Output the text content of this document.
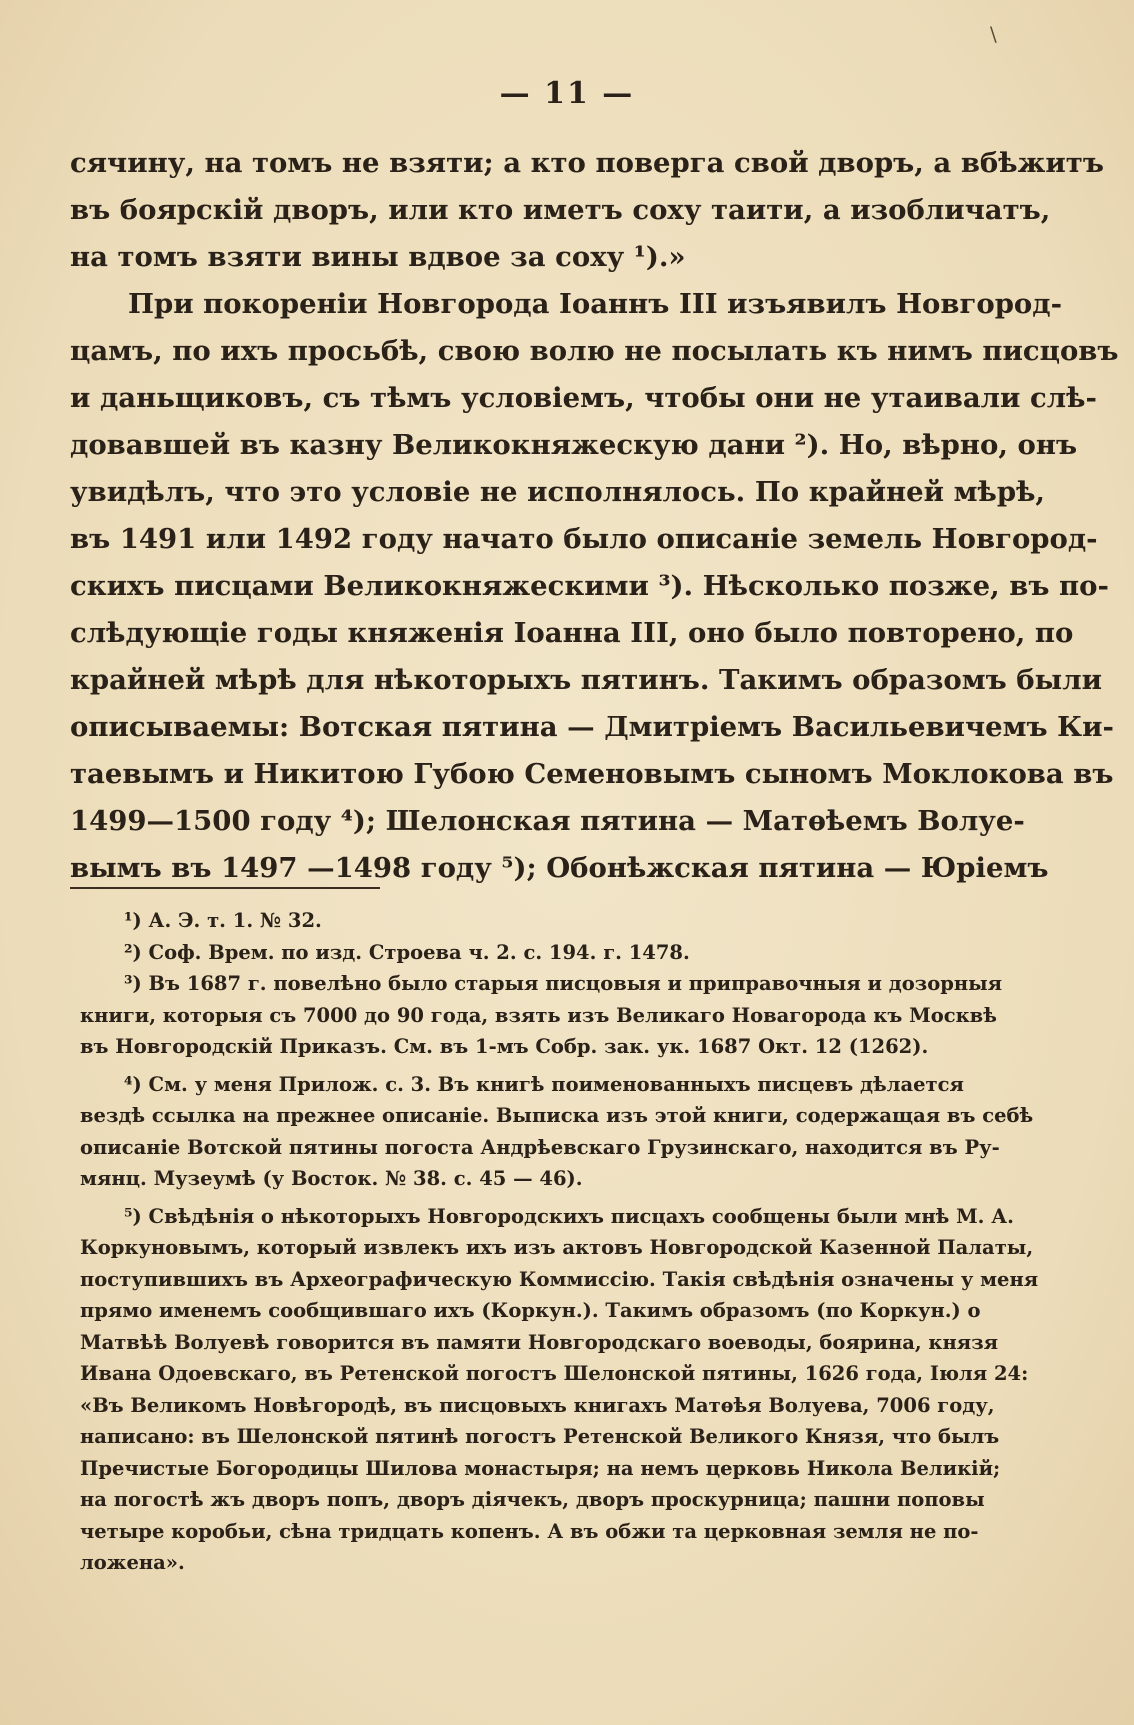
\
— 11 —
сячину, на томъ не взяти; а кто поверга свой дворъ, а вбѣжитъ
въ боярскій дворъ, или кто иметъ соху таити, а изобличатъ,
на томъ взяти вины вдвое за соху ¹).»
При покореніи Новгорода Іоаннъ III изъявилъ Новгород-
цамъ, по ихъ просьбѣ, свою волю не посылать къ нимъ писцовъ
и даньщиковъ, съ тѣмъ условіемъ, чтобы они не утаивали слѣ-
довавшей въ казну Великокняжескую дани ²). Но, вѣрно, онъ
увидѣлъ, что это условіе не исполнялось. По крайней мѣрѣ,
въ 1491 или 1492 году начато было описаніе земель Новгород-
скихъ писцами Великокняжескими ³). Нѣсколько позже, въ по-
слѣдующіе годы княженія Іоанна III, оно было повторено, по
крайней мѣрѣ для нѣкоторыхъ пятинъ. Такимъ образомъ были
описываемы: Вотская пятина — Дмитріемъ Васильевичемъ Ки-
таевымъ и Никитою Губою Семеновымъ сыномъ Моклокова въ
1499—1500 году ⁴); Шелонская пятина — Матѳѣемъ Волуе-
вымъ въ 1497 —1498 году ⁵); Обонѣжская пятина — Юріемъ
¹) А. Э. т. 1. № 32.
²) Соф. Врем. по изд. Строева ч. 2. с. 194. г. 1478.
³) Въ 1687 г. повелѣно было старыя писцовыя и приправочныя и дозорныя
книги, которыя съ 7000 до 90 года, взять изъ Великаго Новагорода къ Москвѣ
въ Новгородскій Приказъ. См. въ 1-мъ Собр. зак. ук. 1687 Окт. 12 (1262).
⁴) См. у меня Прилож. с. 3. Въ книгѣ поименованныхъ писцевъ дѣлается
вездѣ ссылка на прежнее описаніе. Выписка изъ этой книги, содержащая въ себѣ
описаніе Вотской пятины погоста Андрѣевскаго Грузинскаго, находится въ Ру-
мянц. Музеумѣ (у Восток. № 38. с. 45 — 46).
⁵) Свѣдѣнія о нѣкоторыхъ Новгородскихъ писцахъ сообщены были мнѣ М. А.
Коркуновымъ, который извлекъ ихъ изъ актовъ Новгородской Казенной Палаты,
поступившихъ въ Археографическую Коммиссію. Такія свѣдѣнія означены у меня
прямо именемъ сообщившаго ихъ (Коркун.). Такимъ образомъ (по Коркун.) о
Матвѣѣ Волуевѣ говорится въ памяти Новгородскаго воеводы, боярина, князя
Ивана Одоевскаго, въ Ретенской погостъ Шелонской пятины, 1626 года, Іюля 24:
«Въ Великомъ Новѣгородѣ, въ писцовыхъ книгахъ Матѳѣя Волуева, 7006 году,
написано: въ Шелонской пятинѣ погостъ Ретенской Великого Князя, что былъ
Пречистые Богородицы Шилова монастыря; на немъ церковь Никола Великій;
на погостѣ жъ дворъ попъ, дворъ діячекъ, дворъ проскурница; пашни поповы
четыре коробьи, сѣна тридцать копенъ. А въ обжи та церковная земля не по-
ложена».
